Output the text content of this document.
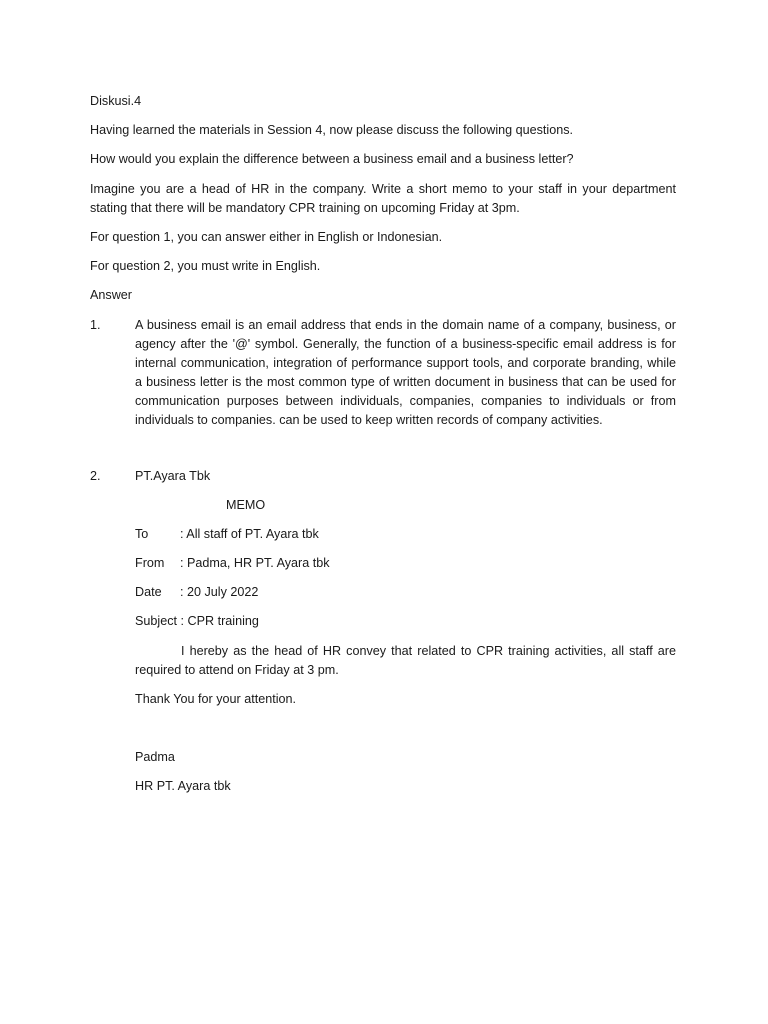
Diskusi.4

Having learned the materials in Session 4, now please discuss the following questions.

How would you explain the difference between a business email and a business letter?

Imagine you are a head of HR in the company. Write a short memo to your staff in your department stating that there will be mandatory CPR training on upcoming Friday at 3pm.

For question 1, you can answer either in English or Indonesian.

For question 2, you must write in English.

Answer

1.	A business email is an email address that ends in the domain name of a company, business, or agency after the '@' symbol. Generally, the function of a business-specific email address is for internal communication, integration of performance support tools, and corporate branding, while a business letter is the most common type of written document in business that can be used for communication purposes between individuals, companies, companies to individuals or from individuals to companies. can be used to keep written records of company activities.

2.	PT.Ayara Tbk

MEMO

To	: All staff of PT. Ayara tbk

From : Padma, HR PT. Ayara tbk

Date : 20 July 2022

Subject : CPR training

I hereby as the head of HR convey that related to CPR training activities, all staff are required to attend on Friday at 3 pm.

Thank You for your attention.

Padma

HR PT. Ayara tbk
